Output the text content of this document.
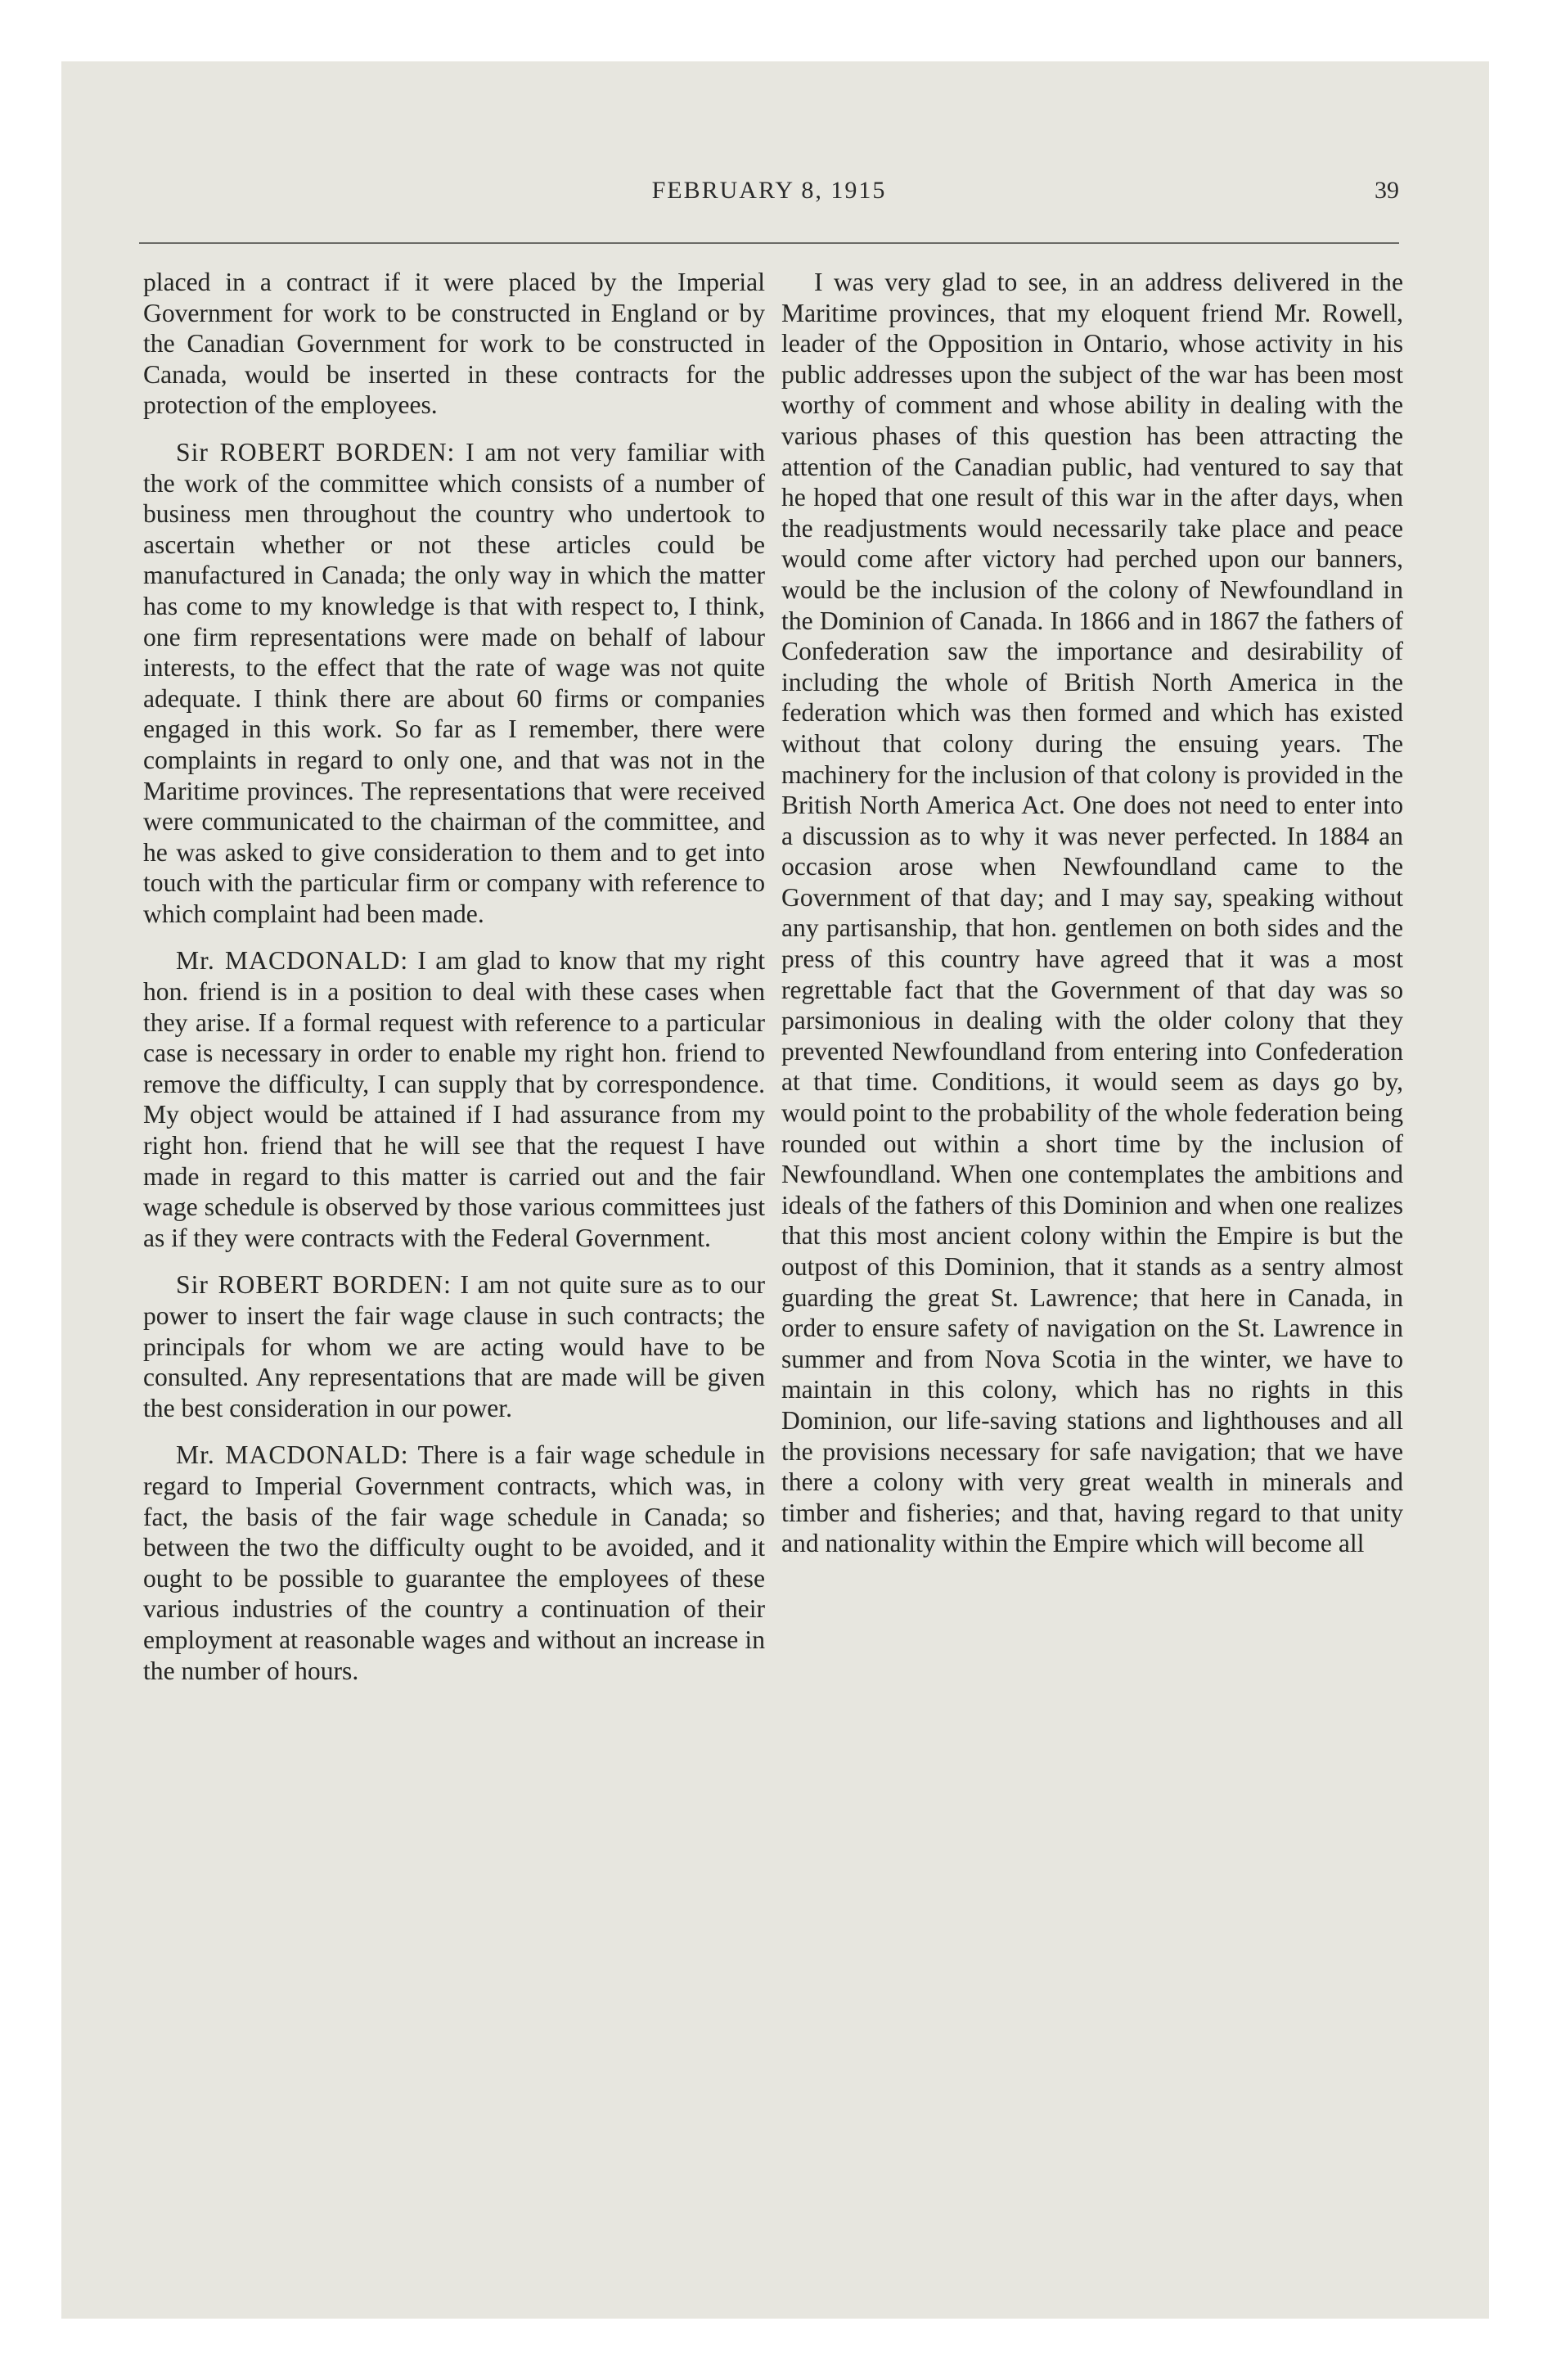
FEBRUARY 8, 1915	39

placed in a contract if it were placed by the Imperial Government for work to be constructed in England or by the Canadian Government for work to be constructed in Canada, would be inserted in these contracts for the protection of the employees.

Sir ROBERT BORDEN: I am not very familiar with the work of the committee which consists of a number of business men throughout the country who undertook to ascertain whether or not these articles could be manufactured in Canada; the only way in which the matter has come to my knowledge is that with respect to, I think, one firm representations were made on behalf of labour interests, to the effect that the rate of wage was not quite adequate. I think there are about 60 firms or companies engaged in this work. So far as I remember, there were complaints in regard to only one, and that was not in the Maritime provinces. The representations that were received were communicated to the chairman of the committee, and he was asked to give consideration to them and to get into touch with the particular firm or company with reference to which complaint had been made.

Mr. MACDONALD: I am glad to know that my right hon. friend is in a position to deal with these cases when they arise. If a formal request with reference to a particular case is necessary in order to enable my right hon. friend to remove the difficulty, I can supply that by correspondence. My object would be attained if I had assurance from my right hon. friend that he will see that the request I have made in regard to this matter is carried out and the fair wage schedule is observed by those various committees just as if they were contracts with the Federal Government.

Sir ROBERT BORDEN: I am not quite sure as to our power to insert the fair wage clause in such contracts; the principals for whom we are acting would have to be consulted. Any representations that are made will be given the best consideration in our power.

Mr. MACDONALD: There is a fair wage schedule in regard to Imperial Government contracts, which was, in fact, the basis of the fair wage schedule in Canada; so between the two the difficulty ought to be avoided, and it ought to be possible to guarantee the employees of these various industries of the country a continuation of their employment at reasonable wages and without an increase in the number of hours.

I was very glad to see, in an address delivered in the Maritime provinces, that my eloquent friend Mr. Rowell, leader of the Opposition in Ontario, whose activity in his public addresses upon the subject of the war has been most worthy of comment and whose ability in dealing with the various phases of this question has been attracting the attention of the Canadian public, had ventured to say that he hoped that one result of this war in the after days, when the readjustments would necessarily take place and peace would come after victory had perched upon our banners, would be the inclusion of the colony of Newfoundland in the Dominion of Canada. In 1866 and in 1867 the fathers of Confederation saw the importance and desirability of including the whole of British North America in the federation which was then formed and which has existed without that colony during the ensuing years. The machinery for the inclusion of that colony is provided in the British North America Act. One does not need to enter into a discussion as to why it was never perfected. In 1884 an occasion arose when Newfoundland came to the Government of that day; and I may say, speaking without any partisanship, that hon. gentlemen on both sides and the press of this country have agreed that it was a most regrettable fact that the Government of that day was so parsimonious in dealing with the older colony that they prevented Newfoundland from entering into Confederation at that time. Conditions, it would seem as days go by, would point to the probability of the whole federation being rounded out within a short time by the inclusion of Newfoundland. When one contemplates the ambitions and ideals of the fathers of this Dominion and when one realizes that this most ancient colony within the Empire is but the outpost of this Dominion, that it stands as a sentry almost guarding the great St. Lawrence; that here in Canada, in order to ensure safety of navigation on the St. Lawrence in summer and from Nova Scotia in the winter, we have to maintain in this colony, which has no rights in this Dominion, our life-saving stations and lighthouses and all the provisions necessary for safe navigation; that we have there a colony with very great wealth in minerals and timber and fisheries; and that, having regard to that unity and nationality within the Empire which will become all
